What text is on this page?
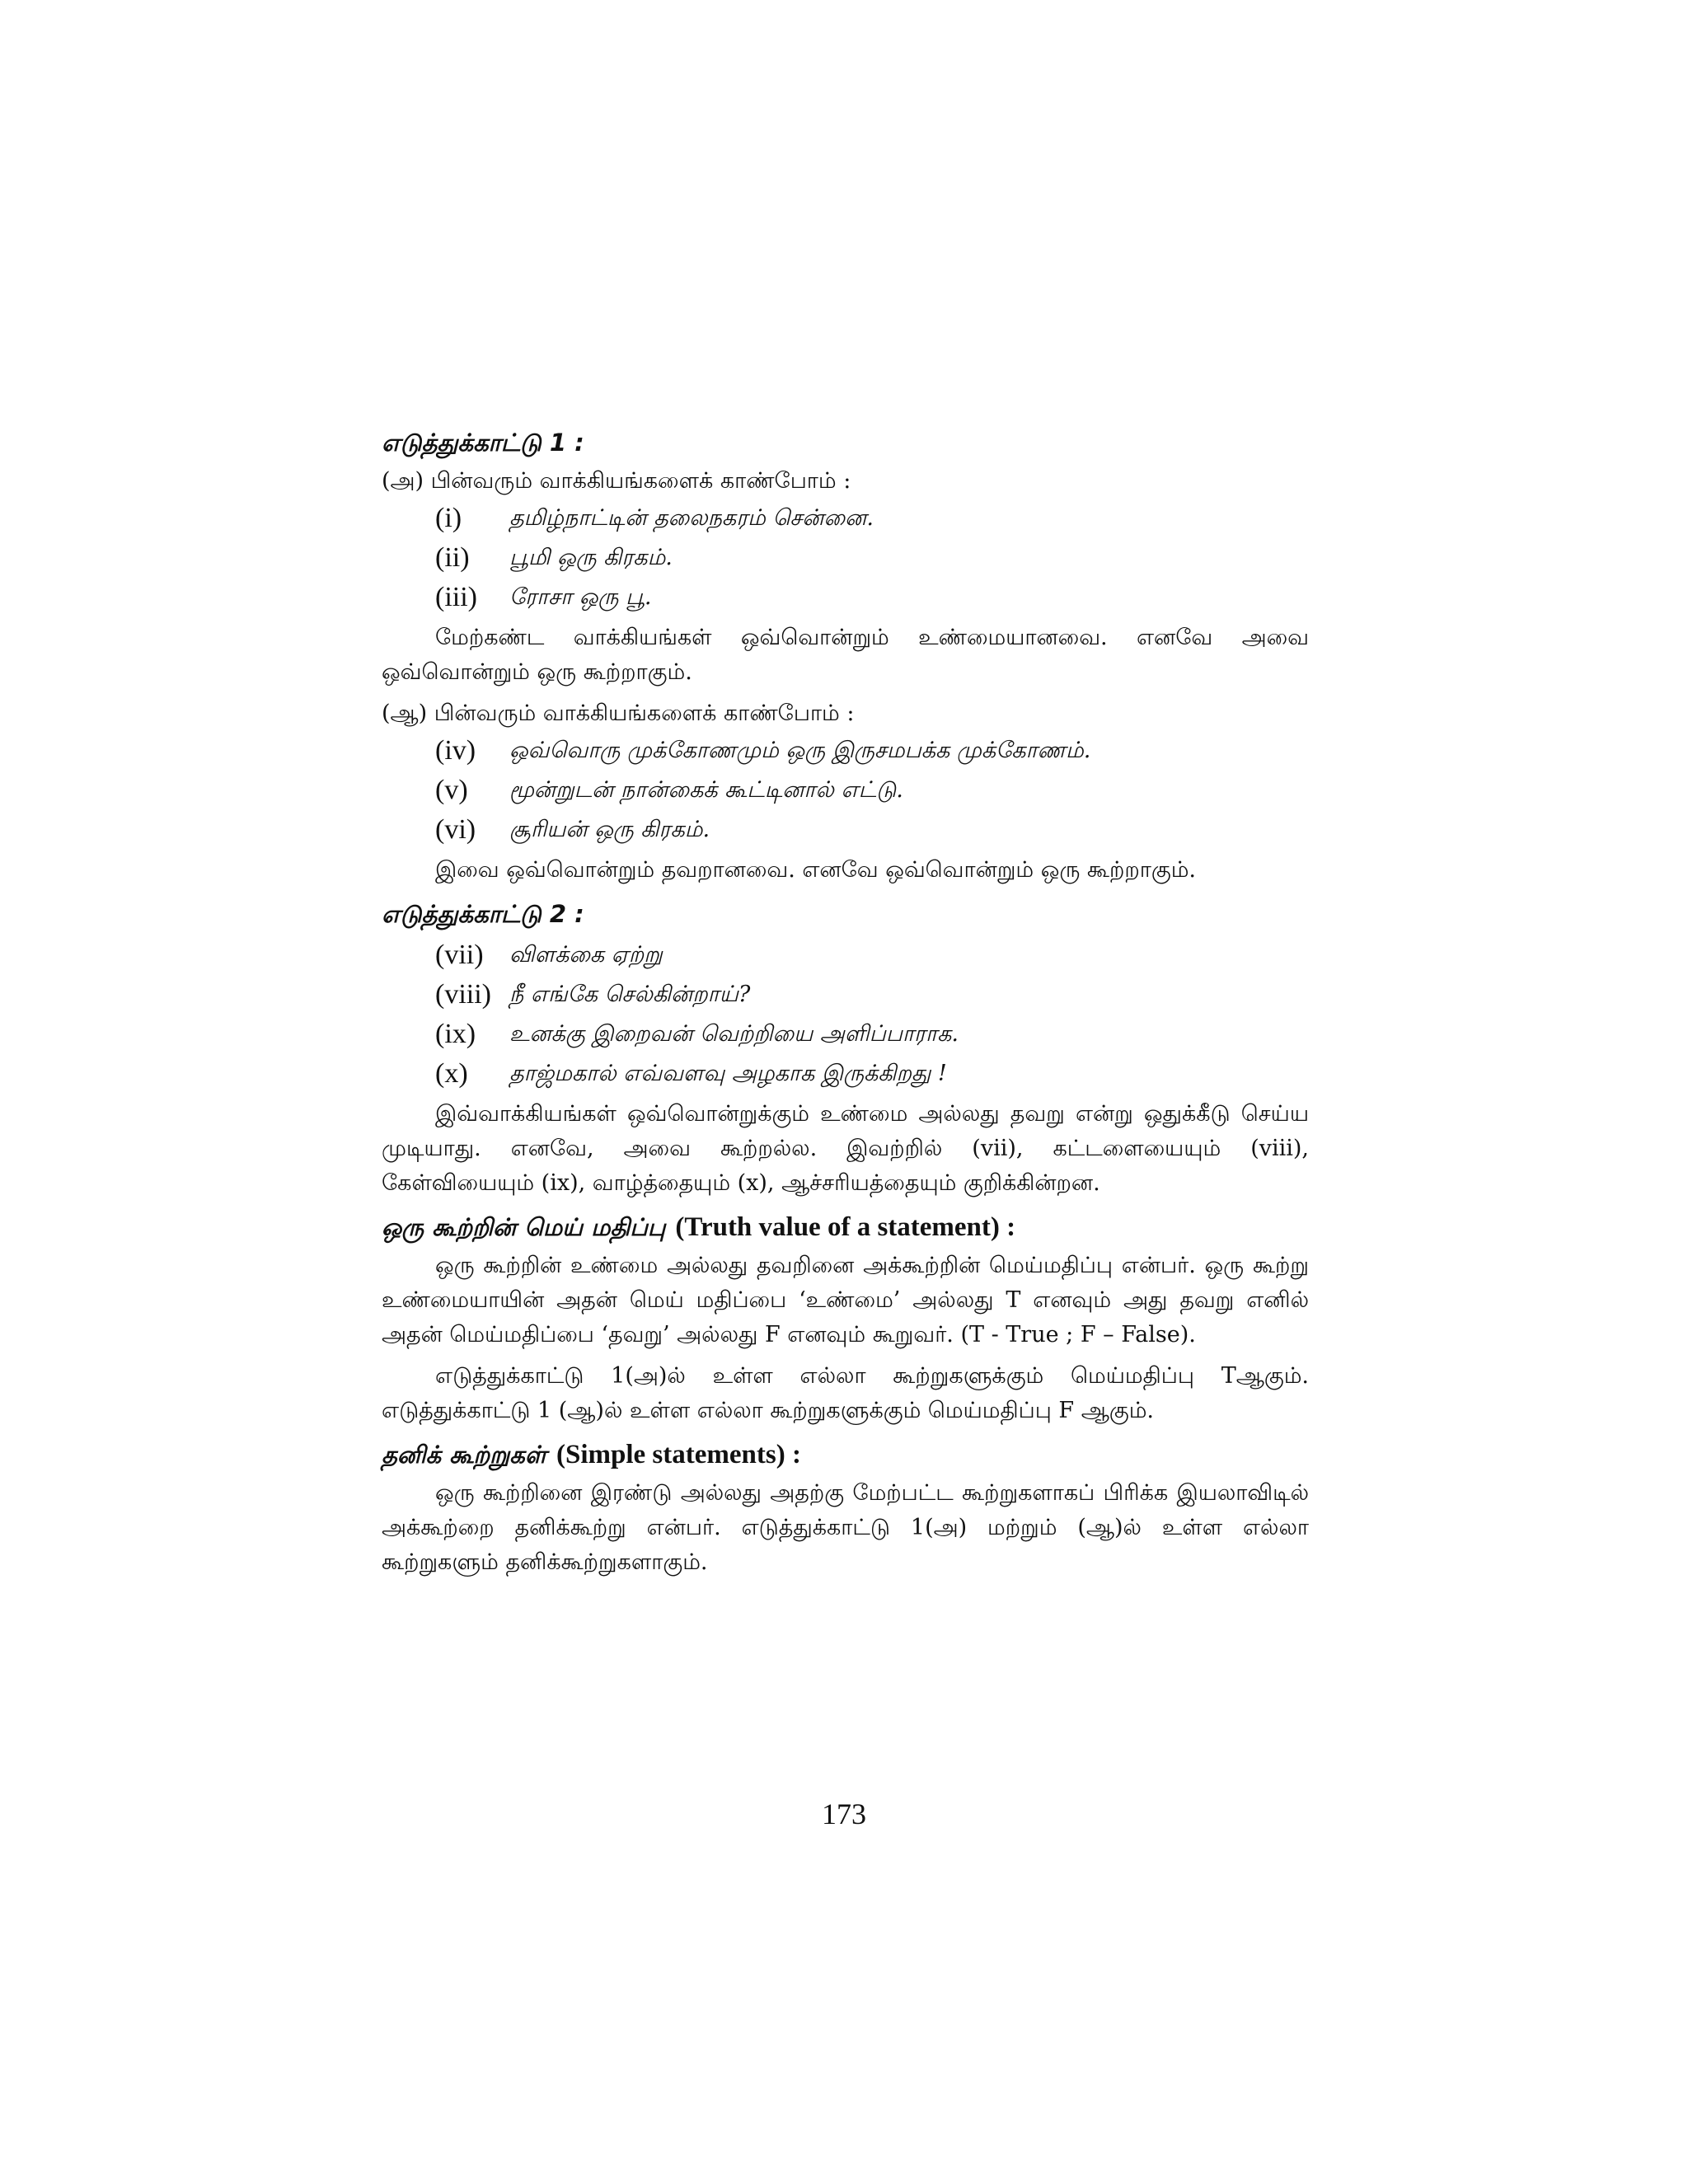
எடுத்துக்காட்டு 1 :
(அ) பின்வரும் வாக்கியங்களைக் காண்போம் :
(i)	தமிழ்நாட்டின் தலைநகரம் சென்னை.
(ii)	பூமி ஒரு கிரகம்.
(iii)	ரோசா ஒரு பூ.
மேற்கண்ட வாக்கியங்கள் ஒவ்வொன்றும் உண்மையானவை. எனவே அவை ஒவ்வொன்றும் ஒரு கூற்றாகும்.
(ஆ) பின்வரும் வாக்கியங்களைக் காண்போம் :
(iv)	ஒவ்வொரு முக்கோணமும் ஒரு இருசமபக்க முக்கோணம்.
(v)	மூன்றுடன் நான்கைக் கூட்டினால் எட்டு.
(vi)	சூரியன் ஒரு கிரகம்.
இவை ஒவ்வொன்றும் தவறானவை. எனவே ஒவ்வொன்றும் ஒரு கூற்றாகும்.
எடுத்துக்காட்டு 2 :
(vii)	விளக்கை ஏற்று
(viii) நீ எங்கே செல்கின்றாய்?
(ix)	உனக்கு இறைவன் வெற்றியை அளிப்பாராக.
(x)	தாஜ்மகால் எவ்வளவு அழகாக இருக்கிறது !
இவ்வாக்கியங்கள் ஒவ்வொன்றுக்கும் உண்மை அல்லது தவறு என்று ஒதுக்கீடு செய்ய முடியாது. எனவே, அவை கூற்றல்ல. இவற்றில் (vii), கட்டளையையும் (viii), கேள்வியையும் (ix), வாழ்த்தையும் (x), ஆச்சரியத்தையும் குறிக்கின்றன.
ஒரு கூற்றின் மெய் மதிப்பு (Truth value of a statement) :
ஒரு கூற்றின் உண்மை அல்லது தவறினை அக்கூற்றின் மெய்மதிப்பு என்பர். ஒரு கூற்று உண்மையாயின் அதன் மெய் மதிப்பை ‘உண்மை’ அல்லது T எனவும் அது தவறு எனில் அதன் மெய்மதிப்பை ‘தவறு’ அல்லது F எனவும் கூறுவர். (T - True ; F – False).
எடுத்துக்காட்டு 1(அ)ல் உள்ள எல்லா கூற்றுகளுக்கும் மெய்மதிப்பு Tஆகும். எடுத்துக்காட்டு 1 (ஆ)ல் உள்ள எல்லா கூற்றுகளுக்கும் மெய்மதிப்பு F ஆகும்.
தனிக் கூற்றுகள் (Simple statements) :
ஒரு கூற்றினை இரண்டு அல்லது அதற்கு மேற்பட்ட கூற்றுகளாகப் பிரிக்க இயலாவிடில் அக்கூற்றை தனிக்கூற்று என்பர். எடுத்துக்காட்டு 1(அ) மற்றும் (ஆ)ல் உள்ள எல்லா கூற்றுகளும் தனிக்கூற்றுகளாகும்.
173
